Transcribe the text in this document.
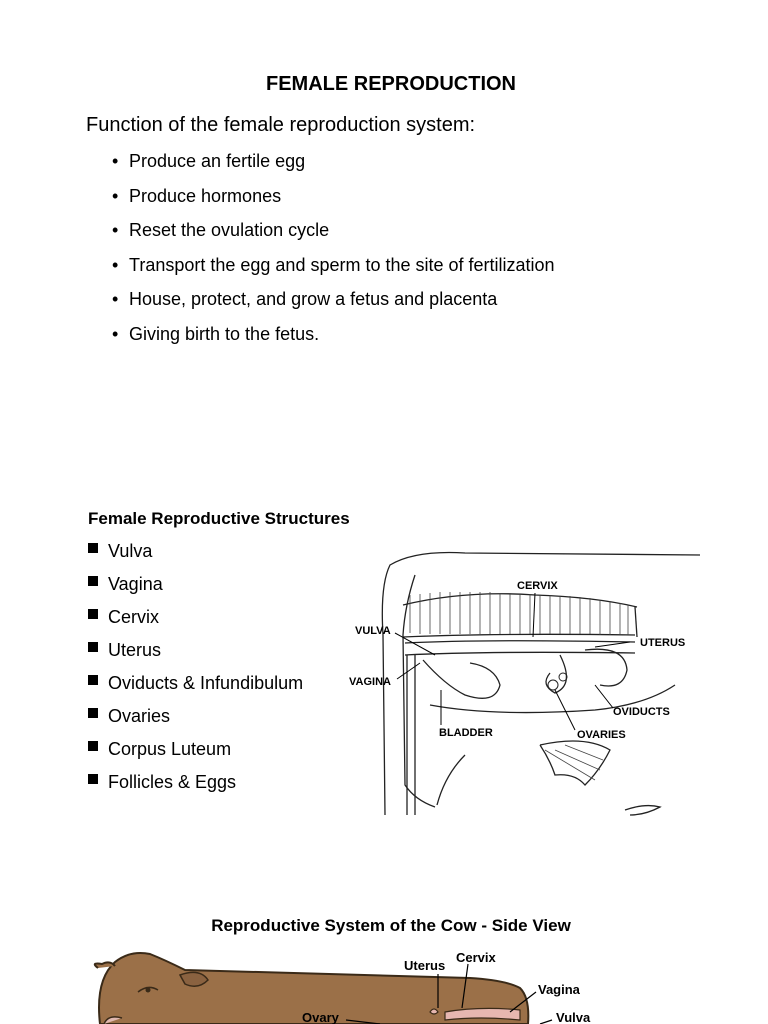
FEMALE REPRODUCTION
Function of the female reproduction system:
• Produce an fertile egg
• Produce hormones
• Reset the ovulation cycle
• Transport the egg and sperm to the site of fertilization
• House, protect, and grow a fetus and placenta
• Giving birth to the fetus.
Female Reproductive Structures
Vulva
Vagina
Cervix
Uterus
Oviducts & Infundibulum
Ovaries
Corpus Luteum
Follicles & Eggs
CERVIX
VULVA
UTERUS
VAGINA
OVIDUCTS
BLADDER	OVARIES
Reproductive System of the Cow - Side View
Uterus
Cervix
Vagina
Ovary	Vulva
